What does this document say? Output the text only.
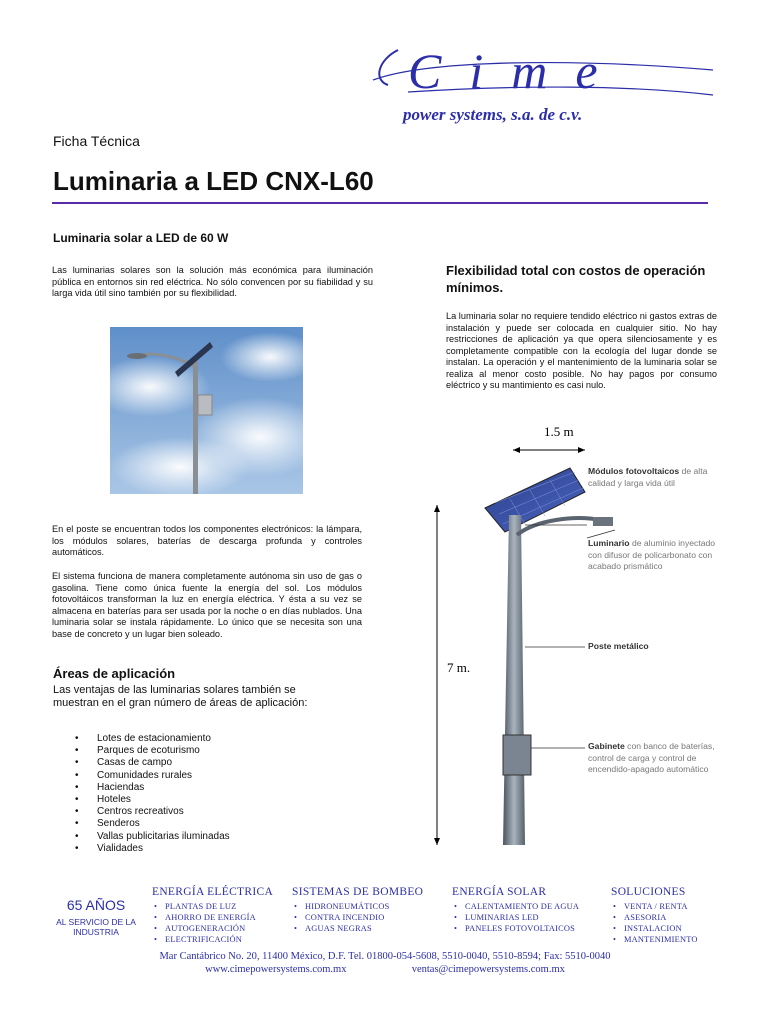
Cime
power systems, s.a. de c.v.
Ficha Técnica
Luminaria a LED CNX-L60
Luminaria solar a LED de 60 W
Las luminarias solares son la solución más económica para iluminación pública en entornos sin red eléctrica. No sólo convencen por su fiabilidad y su larga vida útil sino también por su flexibilidad.
En el poste se encuentran todos los componentes electrónicos: la lámpara, los módulos solares, baterías de descarga profunda y controles automáticos.
El sistema funciona de manera completamente autónoma sin uso de gas o gasolina. Tiene como única fuente la energía del sol. Los módulos fotovoltáicos transforman la luz en energía eléctrica. Y ésta a su vez se almacena en baterías para ser usada por la noche o en días nublados. Una luminaria solar se instala rápidamente. Lo único que se necesita son una base de concreto y un lugar bien soleado.
Áreas de aplicación
Las ventajas de las luminarias solares también se muestran en el gran número de áreas de aplicación:
• Lotes de estacionamiento
• Parques de ecoturismo
• Casas de campo
• Comunidades rurales
• Haciendas
• Hoteles
• Centros recreativos
• Senderos
• Vallas publicitarias iluminadas
• Vialidades
Flexibilidad total con costos de operación mínimos.
La luminaria solar no requiere tendido eléctrico ni gastos extras de instalación y puede ser colocada en cualquier sitio. No hay restricciones de aplicación ya que opera silenciosamente y es completamente compatible con la ecología del lugar donde se instalan. La operación y el mantenimiento de la luminaria solar se realiza al menor costo posible. No hay pagos por consumo eléctrico y su mantimiento es casi nulo.
1.5 m
7 m.
Módulos fotovoltaicos de alta calidad y larga vida útil
Luminario de aluminio inyectado con difusor de policarbonato con acabado prismático
Poste metálico
Gabinete con banco de baterías, control de carga y control de encendido-apagado automático
65 AÑOS
AL SERVICIO DE LA INDUSTRIA
ENERGÍA ELÉCTRICA
• PLANTAS DE LUZ
• AHORRO DE ENERGÍA
• AUTOGENERACIÓN
• ELECTRIFICACIÓN
SISTEMAS DE BOMBEO
• HIDRONEUMÁTICOS
• CONTRA INCENDIO
• AGUAS NEGRAS
ENERGÍA SOLAR
• CALENTAMIENTO DE AGUA
• LUMINARIAS LED
• PANELES FOTOVOLTAICOS
SOLUCIONES
• VENTA / RENTA
• ASESORIA
• INSTALACION
• MANTENIMIENTO
Mar Cantábrico No. 20, 11400 México, D.F. Tel. 01800-054-5608, 5510-0040, 5510-8594; Fax: 5510-0040
www.cimepowersystems.com.mx	ventas@cimepowersystems.com.mx
